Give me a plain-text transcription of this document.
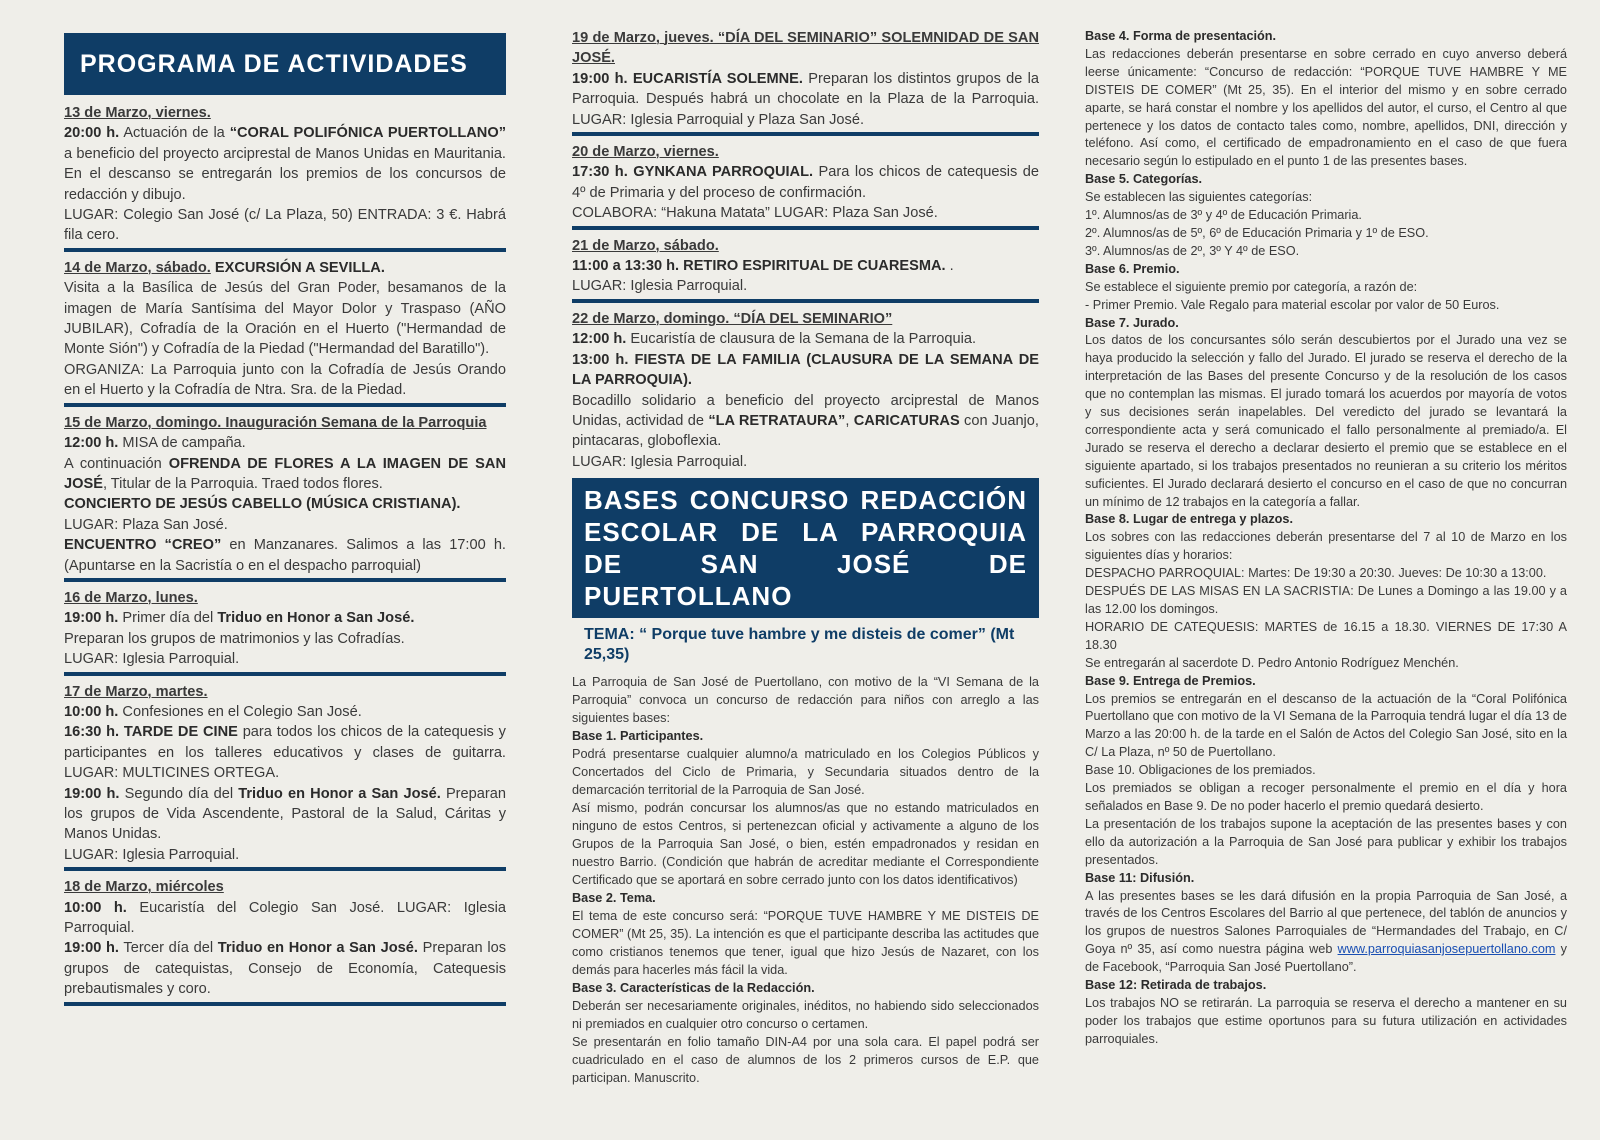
PROGRAMA DE ACTIVIDADES

13 de Marzo, viernes.

20:00 h. Actuación de la “CORAL POLIFÓNICA PUERTOLLANO” a beneficio del proyecto arciprestal de Manos Unidas en Mauritania. En el descanso se entregarán los premios de los concursos de redacción y dibujo.

LUGAR: Colegio San José (c/ La Plaza, 50) ENTRADA: 3 €. Habrá fila cero.

14 de Marzo, sábado. EXCURSIÓN A SEVILLA.

Visita a la Basílica de Jesús del Gran Poder, besamanos de la imagen de María Santísima del Mayor Dolor y Traspaso (AÑO JUBILAR), Cofradía de la Oración en el Huerto ("Hermandad de Monte Sión") y Cofradía de la Piedad ("Hermandad del Baratillo").

ORGANIZA: La Parroquia junto con la Cofradía de Jesús Orando en el Huerto y la Cofradía de Ntra. Sra. de la Piedad.

15 de Marzo, domingo. Inauguración Semana de la Parroquia

12:00 h. MISA de campaña.

A continuación OFRENDA DE FLORES A LA IMAGEN DE SAN JOSÉ, Titular de la Parroquia. Traed todos flores.

CONCIERTO DE JESÚS CABELLO (MÚSICA CRISTIANA).

LUGAR: Plaza San José.

ENCUENTRO “CREO” en Manzanares. Salimos a las 17:00 h. (Apuntarse en la Sacristía o en el despacho parroquial)

16 de Marzo, lunes.

19:00 h. Primer día del Triduo en Honor a San José.

Preparan los grupos de matrimonios y las Cofradías.

LUGAR: Iglesia Parroquial.

17 de Marzo, martes.

10:00 h. Confesiones en el Colegio San José.

16:30 h. TARDE DE CINE para todos los chicos de la catequesis y participantes en los talleres educativos y clases de guitarra. LUGAR: MULTICINES ORTEGA.

19:00 h. Segundo día del Triduo en Honor a San José. Preparan los grupos de Vida Ascendente, Pastoral de la Salud, Cáritas y Manos Unidas.

LUGAR: Iglesia Parroquial.

18 de Marzo, miércoles

10:00 h. Eucaristía del Colegio San José. LUGAR: Iglesia Parroquial.

19:00 h. Tercer día del Triduo en Honor a San José. Preparan los grupos de catequistas, Consejo de Economía, Catequesis prebautismales y coro.

19 de Marzo, jueves. “DÍA DEL SEMINARIO” SOLEMNIDAD DE SAN JOSÉ.

19:00 h. EUCARISTÍA SOLEMNE. Preparan los distintos grupos de la Parroquia. Después habrá un chocolate en la Plaza de la Parroquia. LUGAR: Iglesia Parroquial y Plaza San José.

20 de Marzo, viernes.

17:30 h. GYNKANA PARROQUIAL. Para los chicos de catequesis de 4º de Primaria y del proceso de confirmación.

COLABORA: “Hakuna Matata” LUGAR: Plaza San José.

21 de Marzo, sábado.

11:00 a 13:30 h. RETIRO ESPIRITUAL DE CUARESMA. .

LUGAR: Iglesia Parroquial.

22 de Marzo, domingo. “DÍA DEL SEMINARIO”

12:00 h. Eucaristía de clausura de la Semana de la Parroquia.

13:00 h. FIESTA DE LA FAMILIA (CLAUSURA DE LA SEMANA DE LA PARROQUIA).

Bocadillo solidario a beneficio del proyecto arciprestal de Manos Unidas, actividad de “LA RETRATAURA”, CARICATURAS con Juanjo, pintacaras, globoflexia.

LUGAR: Iglesia Parroquial.

BASES CONCURSO REDACCIÓN ESCOLAR DE LA PARROQUIA DE SAN JOSÉ DE PUERTOLLANO
TEMA: “ Porque tuve hambre y me disteis de comer” (Mt 25,35)

La Parroquia de San José de Puertollano, con motivo de la “VI Semana de la Parroquia” convoca un concurso de redacción para niños con arreglo a las siguientes bases:

Base 1. Participantes.

Podrá presentarse cualquier alumno/a matriculado en los Colegios Públicos y Concertados del Ciclo de Primaria, y Secundaria situados dentro de la demarcación territorial de la Parroquia de San José.

Así mismo, podrán concursar los alumnos/as que no estando matriculados en ninguno de estos Centros, si pertenezcan oficial y activamente a alguno de los Grupos de la Parroquia San José, o bien, estén empadronados y residan en nuestro Barrio. (Condición que habrán de acreditar mediante el Correspondiente Certificado que se aportará en sobre cerrado junto con los datos identificativos)

Base 2. Tema.

El tema de este concurso será: “PORQUE TUVE HAMBRE Y ME DISTEIS DE COMER” (Mt 25, 35). La intención es que el participante describa las actitudes que como cristianos tenemos que tener, igual que hizo Jesús de Nazaret, con los demás para hacerles más fácil la vida.

Base 3. Características de la Redacción.

Deberán ser necesariamente originales, inéditos, no habiendo sido seleccionados ni premiados en cualquier otro concurso o certamen.

Se presentarán en folio tamaño DIN-A4 por una sola cara. El papel podrá ser cuadriculado en el caso de alumnos de los 2 primeros cursos de E.P. que participan. Manuscrito.

Base 4. Forma de presentación.

Las redacciones deberán presentarse en sobre cerrado en cuyo anverso deberá leerse únicamente: “Concurso de redacción: “PORQUE TUVE HAMBRE Y ME DISTEIS DE COMER” (Mt 25, 35). En el interior del mismo y en sobre cerrado aparte, se hará constar el nombre y los apellidos del autor, el curso, el Centro al que pertenece y los datos de contacto tales como, nombre, apellidos, DNI, dirección y teléfono. Así como, el certificado de empadronamiento en el caso de que fuera necesario según lo estipulado en el punto 1 de las presentes bases.

Base 5. Categorías.

Se establecen las siguientes categorías:

1º. Alumnos/as de 3º y 4º de Educación Primaria.

2º. Alumnos/as de 5º, 6º de Educación Primaria y 1º de ESO.

3º. Alumnos/as de 2º, 3º Y 4º de ESO.

Base 6. Premio.

Se establece el siguiente premio por categoría, a razón de:

- Primer Premio. Vale Regalo para material escolar por valor de 50 Euros.

Base 7. Jurado.

Los datos de los concursantes sólo serán descubiertos por el Jurado una vez se haya producido la selección y fallo del Jurado. El jurado se reserva el derecho de la interpretación de las Bases del presente Concurso y de la resolución de los casos que no contemplan las mismas. El jurado tomará los acuerdos por mayoría de votos y sus decisiones serán inapelables. Del veredicto del jurado se levantará la correspondiente acta y será comunicado el fallo personalmente al premiado/a. El Jurado se reserva el derecho a declarar desierto el premio que se establece en el siguiente apartado, si los trabajos presentados no reunieran a su criterio los méritos suficientes. El Jurado declarará desierto el concurso en el caso de que no concurran un mínimo de 12 trabajos en la categoría a fallar.

Base 8. Lugar de entrega y plazos.

Los sobres con las redacciones deberán presentarse del 7 al 10 de Marzo en los siguientes días y horarios:

DESPACHO PARROQUIAL: Martes: De 19:30 a 20:30. Jueves: De 10:30 a 13:00.

DESPUÉS DE LAS MISAS EN LA SACRISTIA: De Lunes a Domingo a las 19.00 y a las 12.00 los domingos.

HORARIO DE CATEQUESIS: MARTES de 16.15 a 18.30. VIERNES DE 17:30 A 18.30

Se entregarán al sacerdote D. Pedro Antonio Rodríguez Menchén.

Base 9. Entrega de Premios.

Los premios se entregarán en el descanso de la actuación de la “Coral Polifónica Puertollano que con motivo de la VI Semana de la Parroquia tendrá lugar el día 13 de Marzo a las 20:00 h. de la tarde en el Salón de Actos del Colegio San José, sito en la C/ La Plaza, nº 50 de Puertollano.

Base 10. Obligaciones de los premiados.

Los premiados se obligan a recoger personalmente el premio en el día y hora señalados en Base 9. De no poder hacerlo el premio quedará desierto.

La presentación de los trabajos supone la aceptación de las presentes bases y con ello da autorización a la Parroquia de San José para publicar y exhibir los trabajos presentados.

Base 11: Difusión.

A las presentes bases se les dará difusión en la propia Parroquia de San José, a través de los Centros Escolares del Barrio al que pertenece, del tablón de anuncios y los grupos de nuestros Salones Parroquiales de “Hermandades del Trabajo, en C/ Goya nº 35, así como nuestra página web www.parroquiasanjosepuertollano.com y de Facebook, “Parroquia San José Puertollano”.

Base 12: Retirada de trabajos.

Los trabajos NO se retirarán. La parroquia se reserva el derecho a mantener en su poder los trabajos que estime oportunos para su futura utilización en actividades parroquiales.
